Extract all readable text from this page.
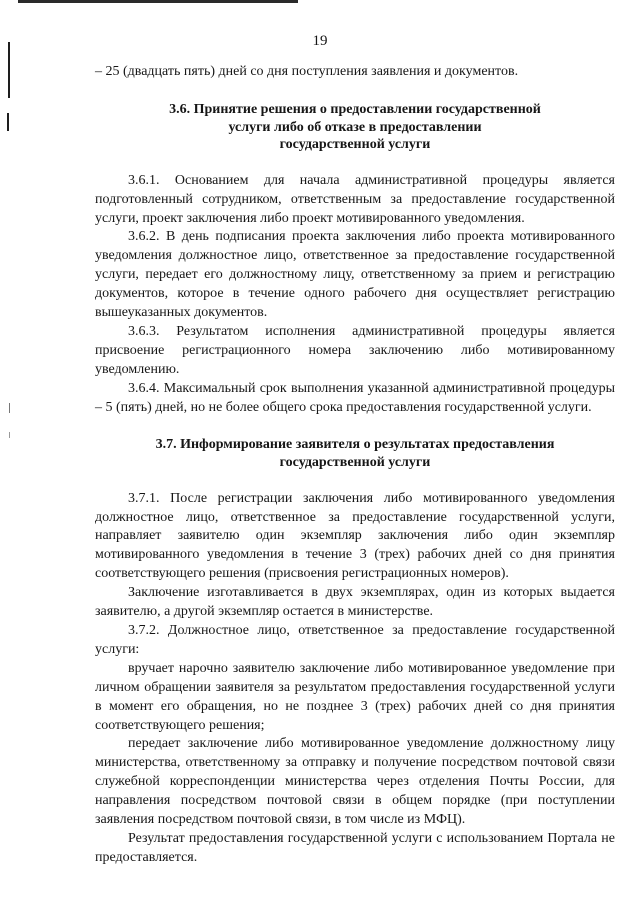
19

– 25 (двадцать пять) дней со дня поступления заявления и документов.

3.6. Принятие решения о предоставлении государственной
услуги либо об отказе в предоставлении
государственной услуги

3.6.1. Основанием для начала административной процедуры является подготовленный сотрудником, ответственным за предоставление государственной услуги, проект заключения либо проект мотивированного уведомления.

3.6.2. В день подписания проекта заключения либо проекта мотивированного уведомления должностное лицо, ответственное за предоставление государственной услуги, передает его должностному лицу, ответственному за прием и регистрацию документов, которое в течение одного рабочего дня осуществляет регистрацию вышеуказанных документов.

3.6.3. Результатом исполнения административной процедуры является присвоение регистрационного номера заключению либо мотивированному уведомлению.

3.6.4. Максимальный срок выполнения указанной административной процедуры – 5 (пять) дней, но не более общего срока предоставления государственной услуги.

3.7. Информирование заявителя о результатах предоставления
государственной услуги

3.7.1. После регистрации заключения либо мотивированного уведомления должностное лицо, ответственное за предоставление государственной услуги, направляет заявителю один экземпляр заключения либо один экземпляр мотивированного уведомления в течение 3 (трех) рабочих дней со дня принятия соответствующего решения (присвоения регистрационных номеров).

Заключение изготавливается в двух экземплярах, один из которых выдается заявителю, а другой экземпляр остается в министерстве.

3.7.2. Должностное лицо, ответственное за предоставление государственной услуги:

вручает нарочно заявителю заключение либо мотивированное уведомление при личном обращении заявителя за результатом предоставления государственной услуги в момент его обращения, но не позднее 3 (трех) рабочих дней со дня принятия соответствующего решения;

передает заключение либо мотивированное уведомление должностному лицу министерства, ответственному за отправку и получение посредством почтовой связи служебной корреспонденции министерства через отделения Почты России, для направления посредством почтовой связи в общем порядке (при поступлении заявления посредством почтовой связи, в том числе из МФЦ).

Результат предоставления государственной услуги с использованием Портала не предоставляется.
